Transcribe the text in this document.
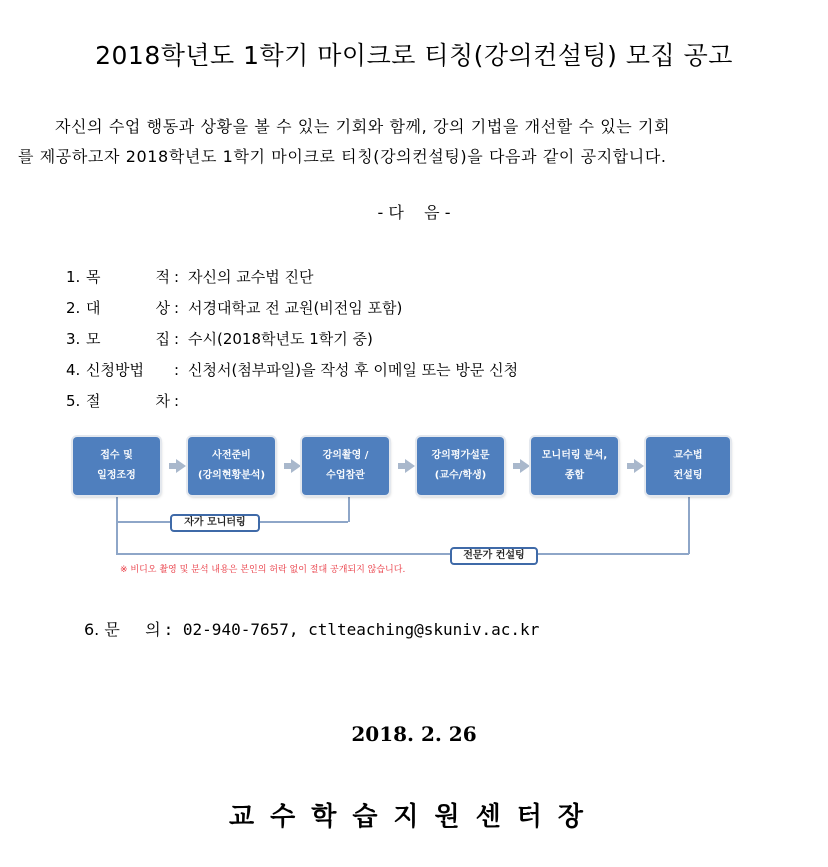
2018학년도 1학기 마이크로 티칭(강의컨설팅) 모집 공고
자신의 수업 행동과 상황을 볼 수 있는 기회와 함께, 강의 기법을 개선할 수 있는 기회
를 제공하고자 2018학년도 1학기 마이크로 티칭(강의컨설팅)을 다음과 같이 공지합니다.
- 다    음 -
1. 목	적 : 자신의 교수법 진단
2. 대	상 : 서경대학교 전 교원(비전임 포함)
3. 모	집 : 수시(2018학년도 1학기 중)
4. 신청방법 : 신청서(첨부파일)을 작성 후 이메일 또는 방문 신청
5. 절	차 :
접수 및
일정조정
사전준비
(강의현황분석)
강의촬영 /
수업참관
강의평가설문
(교수/학생)
모니터링 분석,
종합
교수법
컨설팅
자가 모니터링
전문가 컨설팅
※ 비디오 촬영 및 분석 내용은 본인의 허락 없이 절대 공개되지 않습니다.
6. 문 의 : 02-940-7657, ctlteaching@skuniv.ac.kr
2018. 2. 26
교수학습지원센터장
